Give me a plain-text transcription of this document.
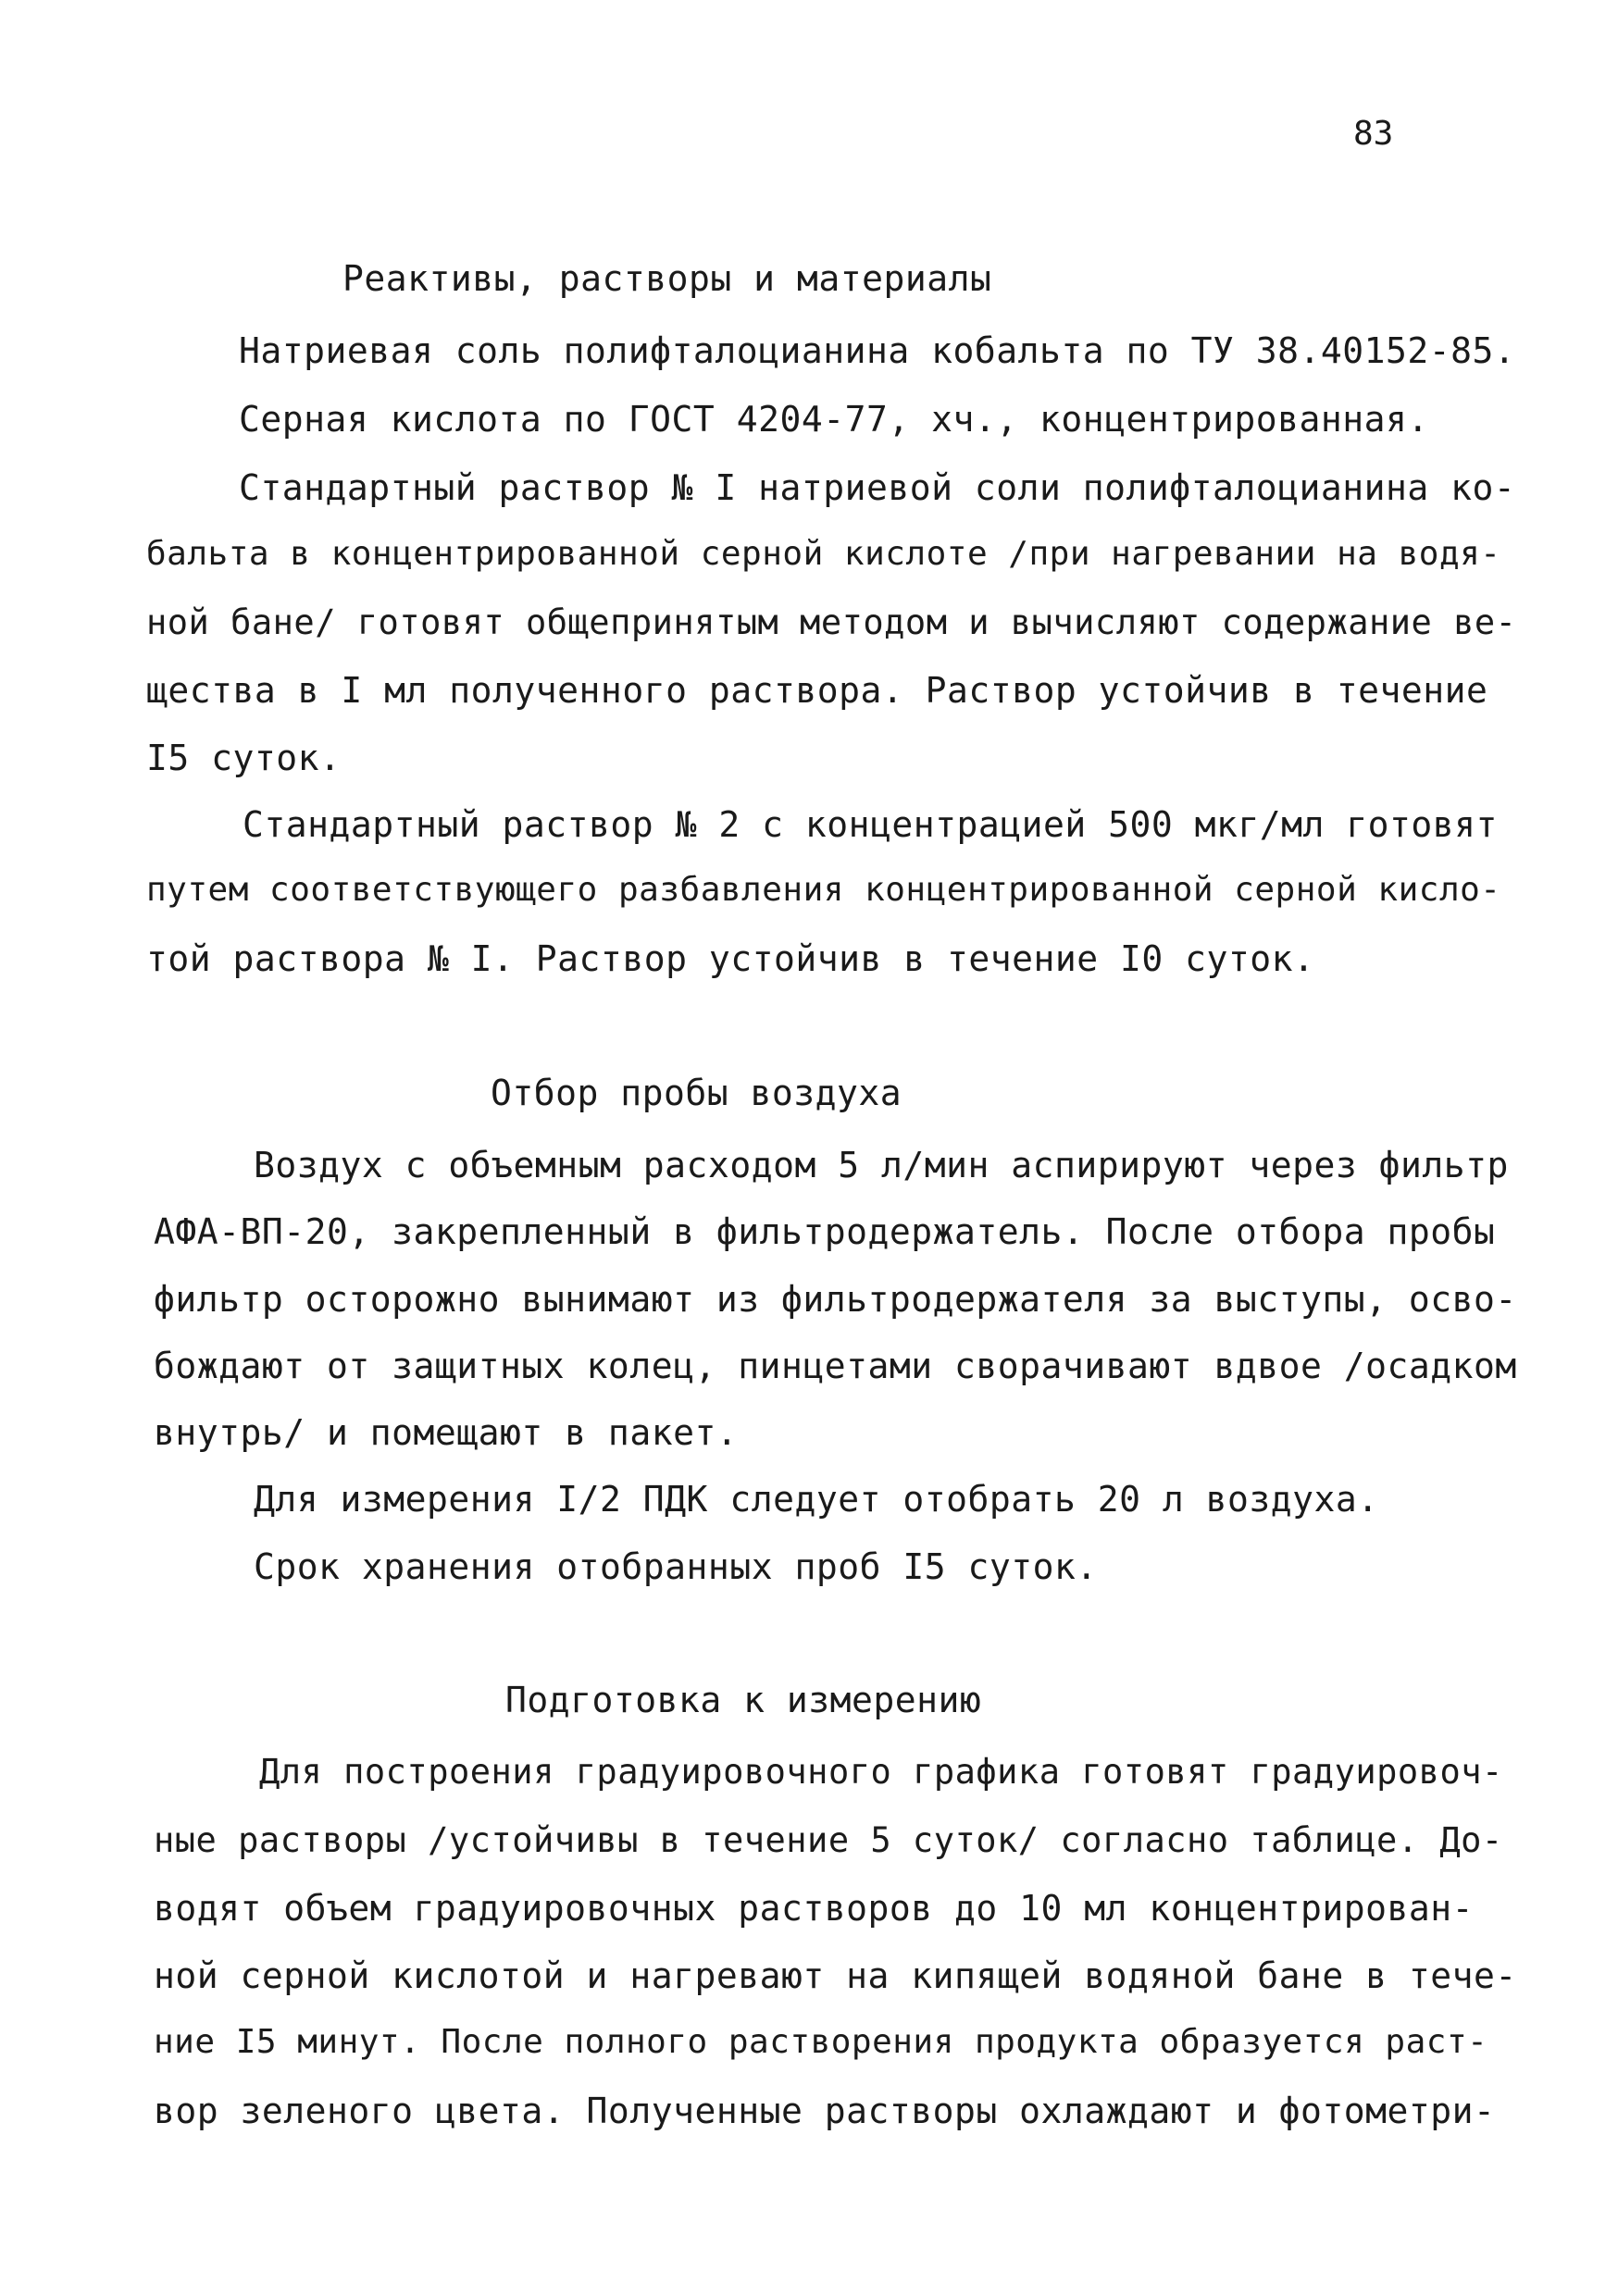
83
Реактивы, растворы и материалы
Натриевая соль полифталоцианина кобальта по ТУ 38.40152-85.
Серная кислота по ГОСТ 4204-77, хч., концентрированная.
Стандартный раствор № I натриевой соли полифталоцианина ко-
бальта в концентрированной серной кислоте /при нагревании на водя-
ной бане/ готовят общепринятым методом и вычисляют содержание ве-
щества в I мл полученного раствора. Раствор устойчив в течение
I5 суток.
Стандартный раствор № 2 с концентрацией 500 мкг/мл готовят
путем соответствующего разбавления концентрированной серной кисло-
той раствора № I. Раствор устойчив в течение I0 суток.
Отбор пробы воздуха
Воздух с объемным расходом 5 л/мин аспирируют через фильтр
АФА-ВП-20, закрепленный в фильтродержатель. После отбора пробы
фильтр осторожно вынимают из фильтродержателя за выступы, осво-
бождают от защитных колец, пинцетами сворачивают вдвое /осадком
внутрь/ и помещают в пакет.
Для измерения I/2 ПДК следует отобрать 20 л воздуха.
Срок хранения отобранных проб I5 суток.
Подготовка к измерению
Для построения градуировочного графика готовят градуировоч-
ные растворы /устойчивы в течение 5 суток/ согласно таблице. До-
водят объем градуировочных растворов до 10 мл концентрирован-
ной серной кислотой и нагревают на кипящей водяной бане в тече-
ние I5 минут. После полного растворения продукта образуется раст-
вор зеленого цвета. Полученные растворы охлаждают и фотометри-
